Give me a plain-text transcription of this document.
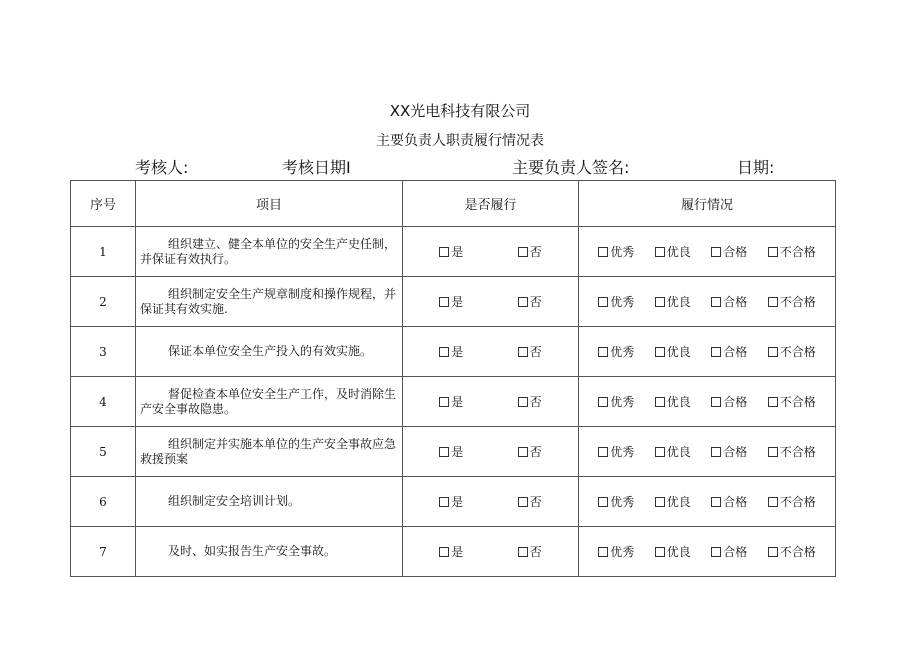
XX光电科技有限公司
主要负责人职责履行情况表
考核人:	考核日期I	主要负责人签名:	日期:
序号	项目	是否履行	履行情况
1	组织建立、健全本单位的安全生产史任制，并保证有效执行。	是 否	优秀 优良 合格 不合格

2	组织制定安全生产规章制度和操作规程，并保证其有效实施.	是 否	优秀 优良 合格 不合格

3	保证本单位安全生产投入的有效实施。	是 否	优秀 优良 合格 不合格

4	督促检查本单位安全生产工作，及时消除生产安全事故隐患。	是 否	优秀 优良 合格 不合格

5	组织制定并实施本单位的生产安全事故应急救援预案	是 否	优秀 优良 合格 不合格

6	组织制定安全培训计划。	是 否	优秀 优良 合格 不合格

7	及时、如实报告生产安全事故。	是 否	优秀 优良 合格 不合格
